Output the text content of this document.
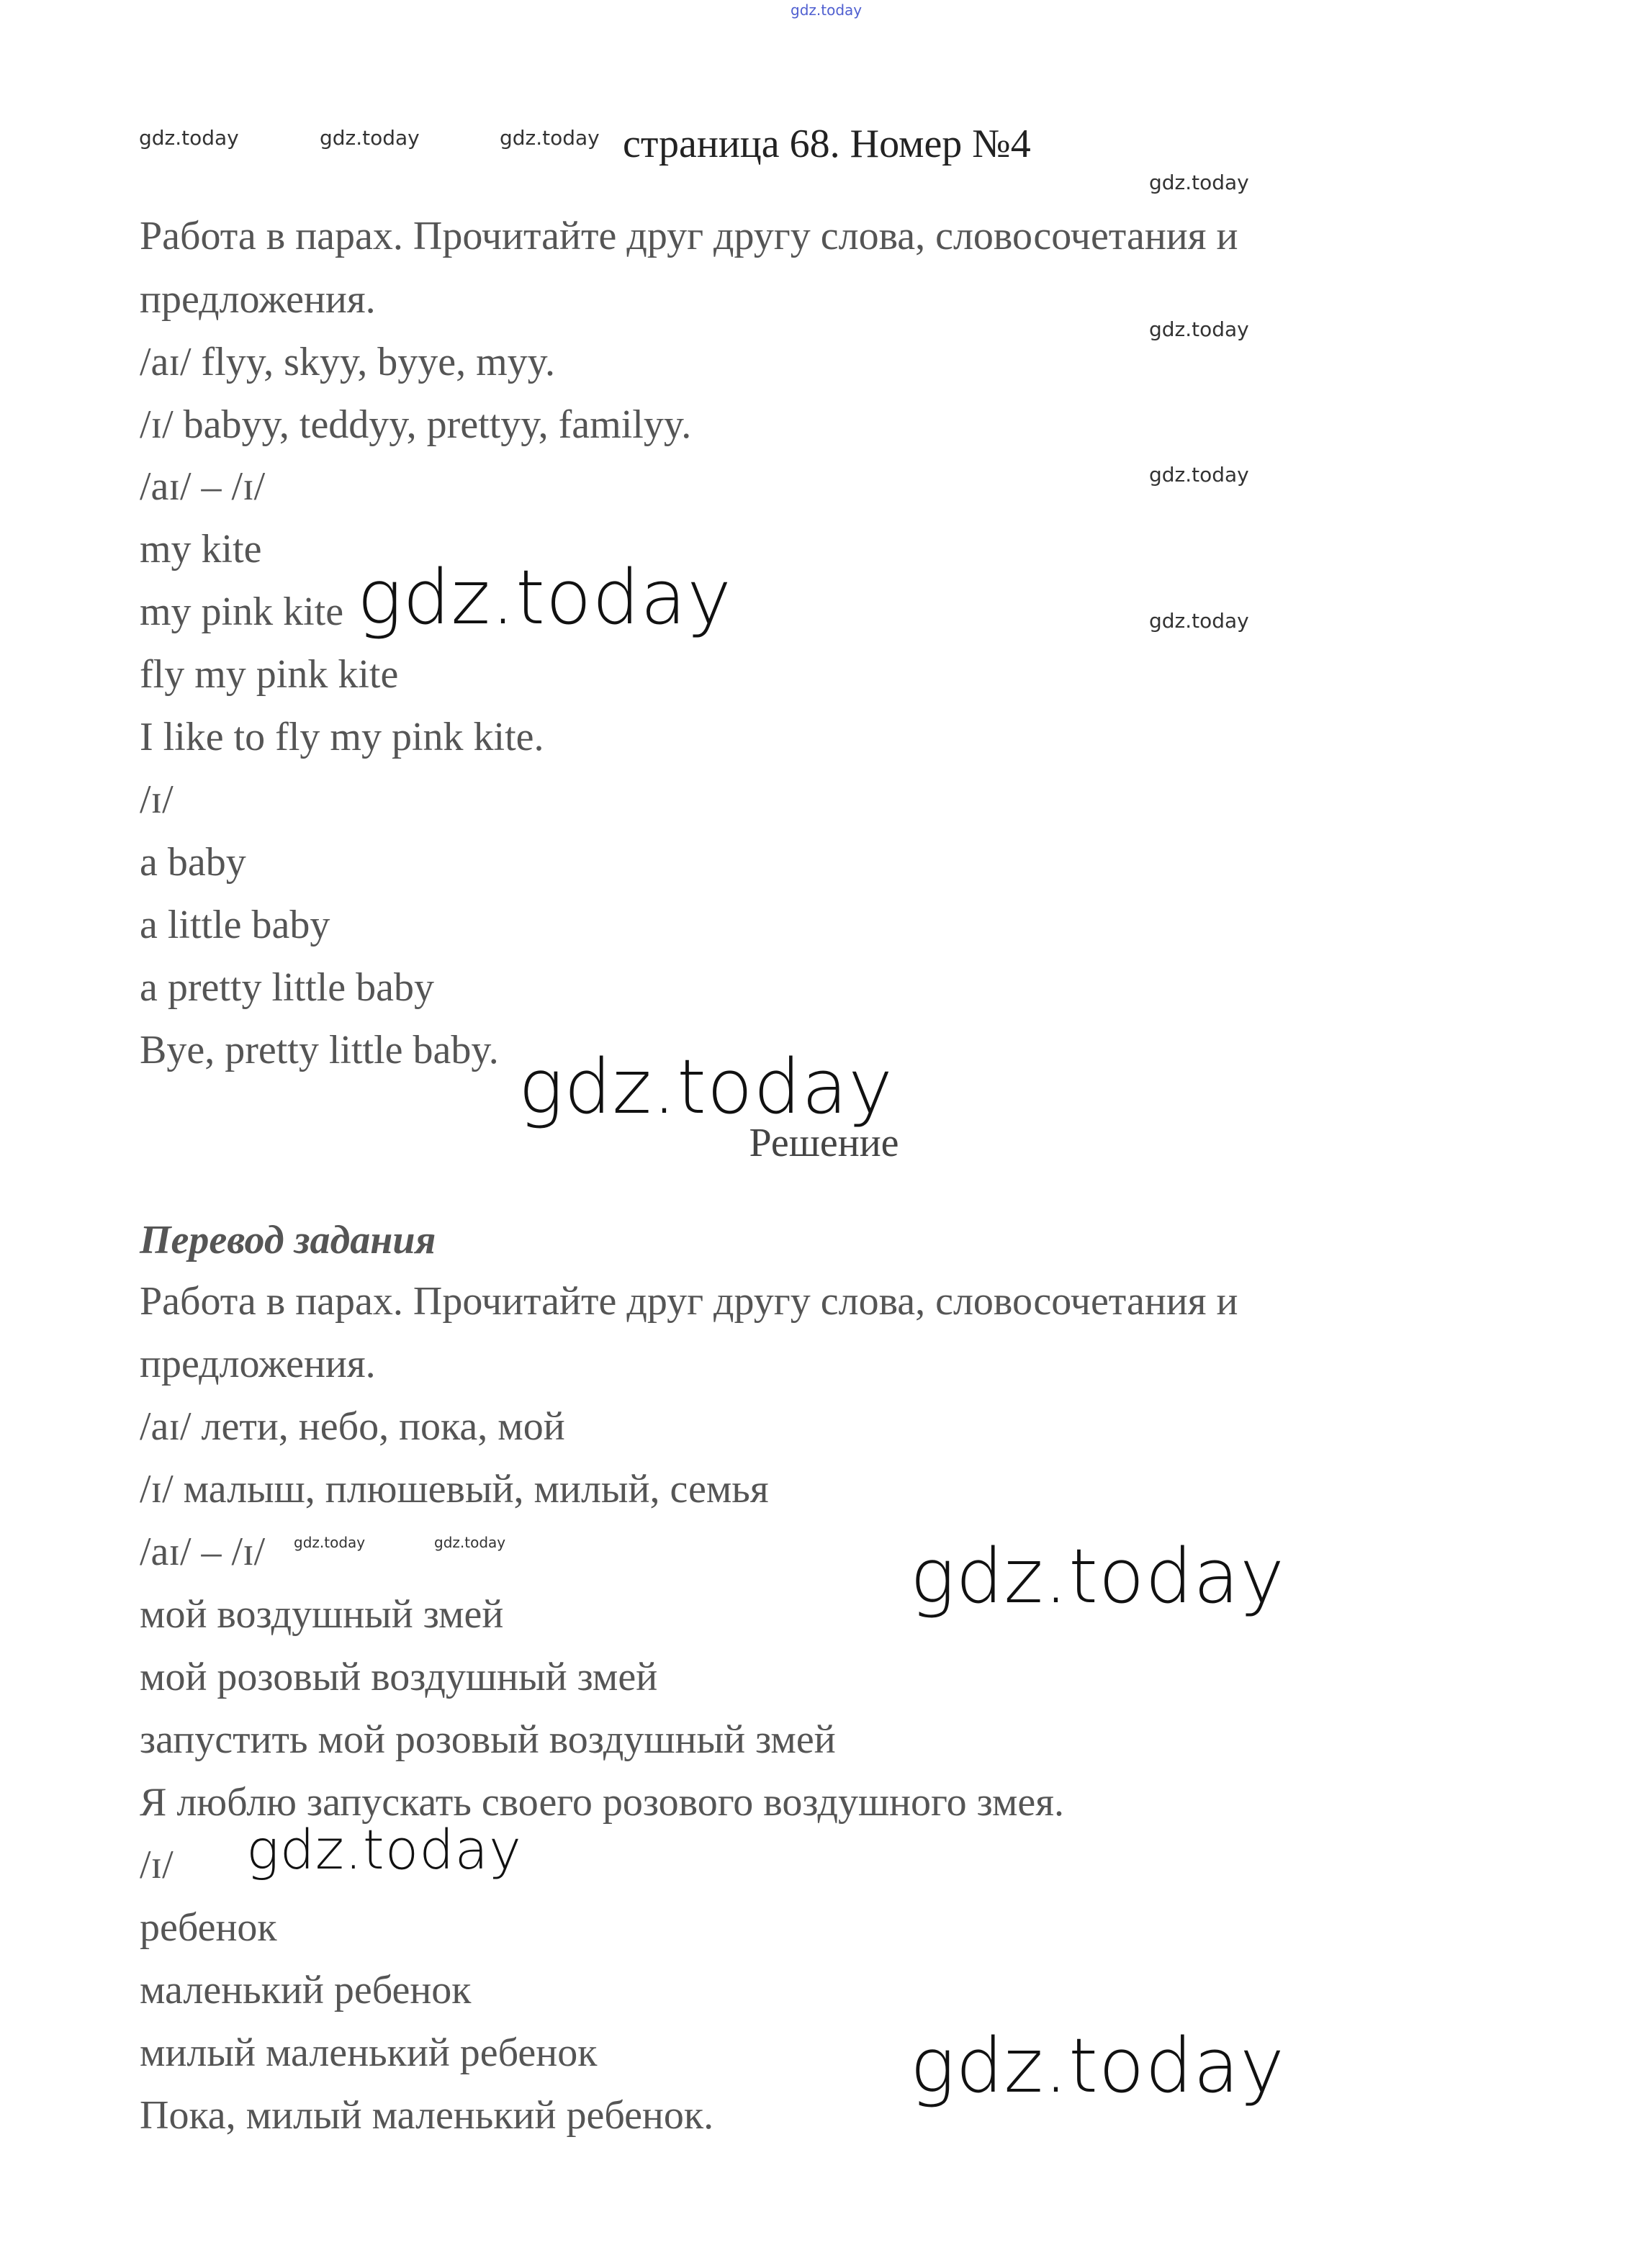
gdz.today
gdz.today	gdz.today	gdz.today страница 68. Номер №4
gdz.today
gdz.today
gdz.today
gdz.today
Работа в парах. Прочитайте друг другу слова, словосочетания и
предложения.
/aɪ/ flyy, skyy, byye, myy.
/ɪ/ babyy, teddyy, prettyy, familyy.
/aɪ/ – /ɪ/
my kite
my pink kite
fly my pink kite
I like to fly my pink kite.
/ɪ/
a baby
a little baby
a pretty little baby
Bye, pretty little baby.
gdz.today
gdz.today
Решение
Перевод задания
Работа в парах. Прочитайте друг другу слова, словосочетания и
предложения.
/aɪ/ лети, небо, пока, мой
/ɪ/ малыш, плюшевый, милый, семья
/aɪ/ – /ɪ/
мой воздушный змей
мой розовый воздушный змей
запустить мой розовый воздушный змей
Я люблю запускать своего розового воздушного змея.
/ɪ/
ребенок
маленький ребенок
милый маленький ребенок
Пока, милый маленький ребенок.
gdz.today	gdz.today	gdz.today
gdz.today
gdz.today
